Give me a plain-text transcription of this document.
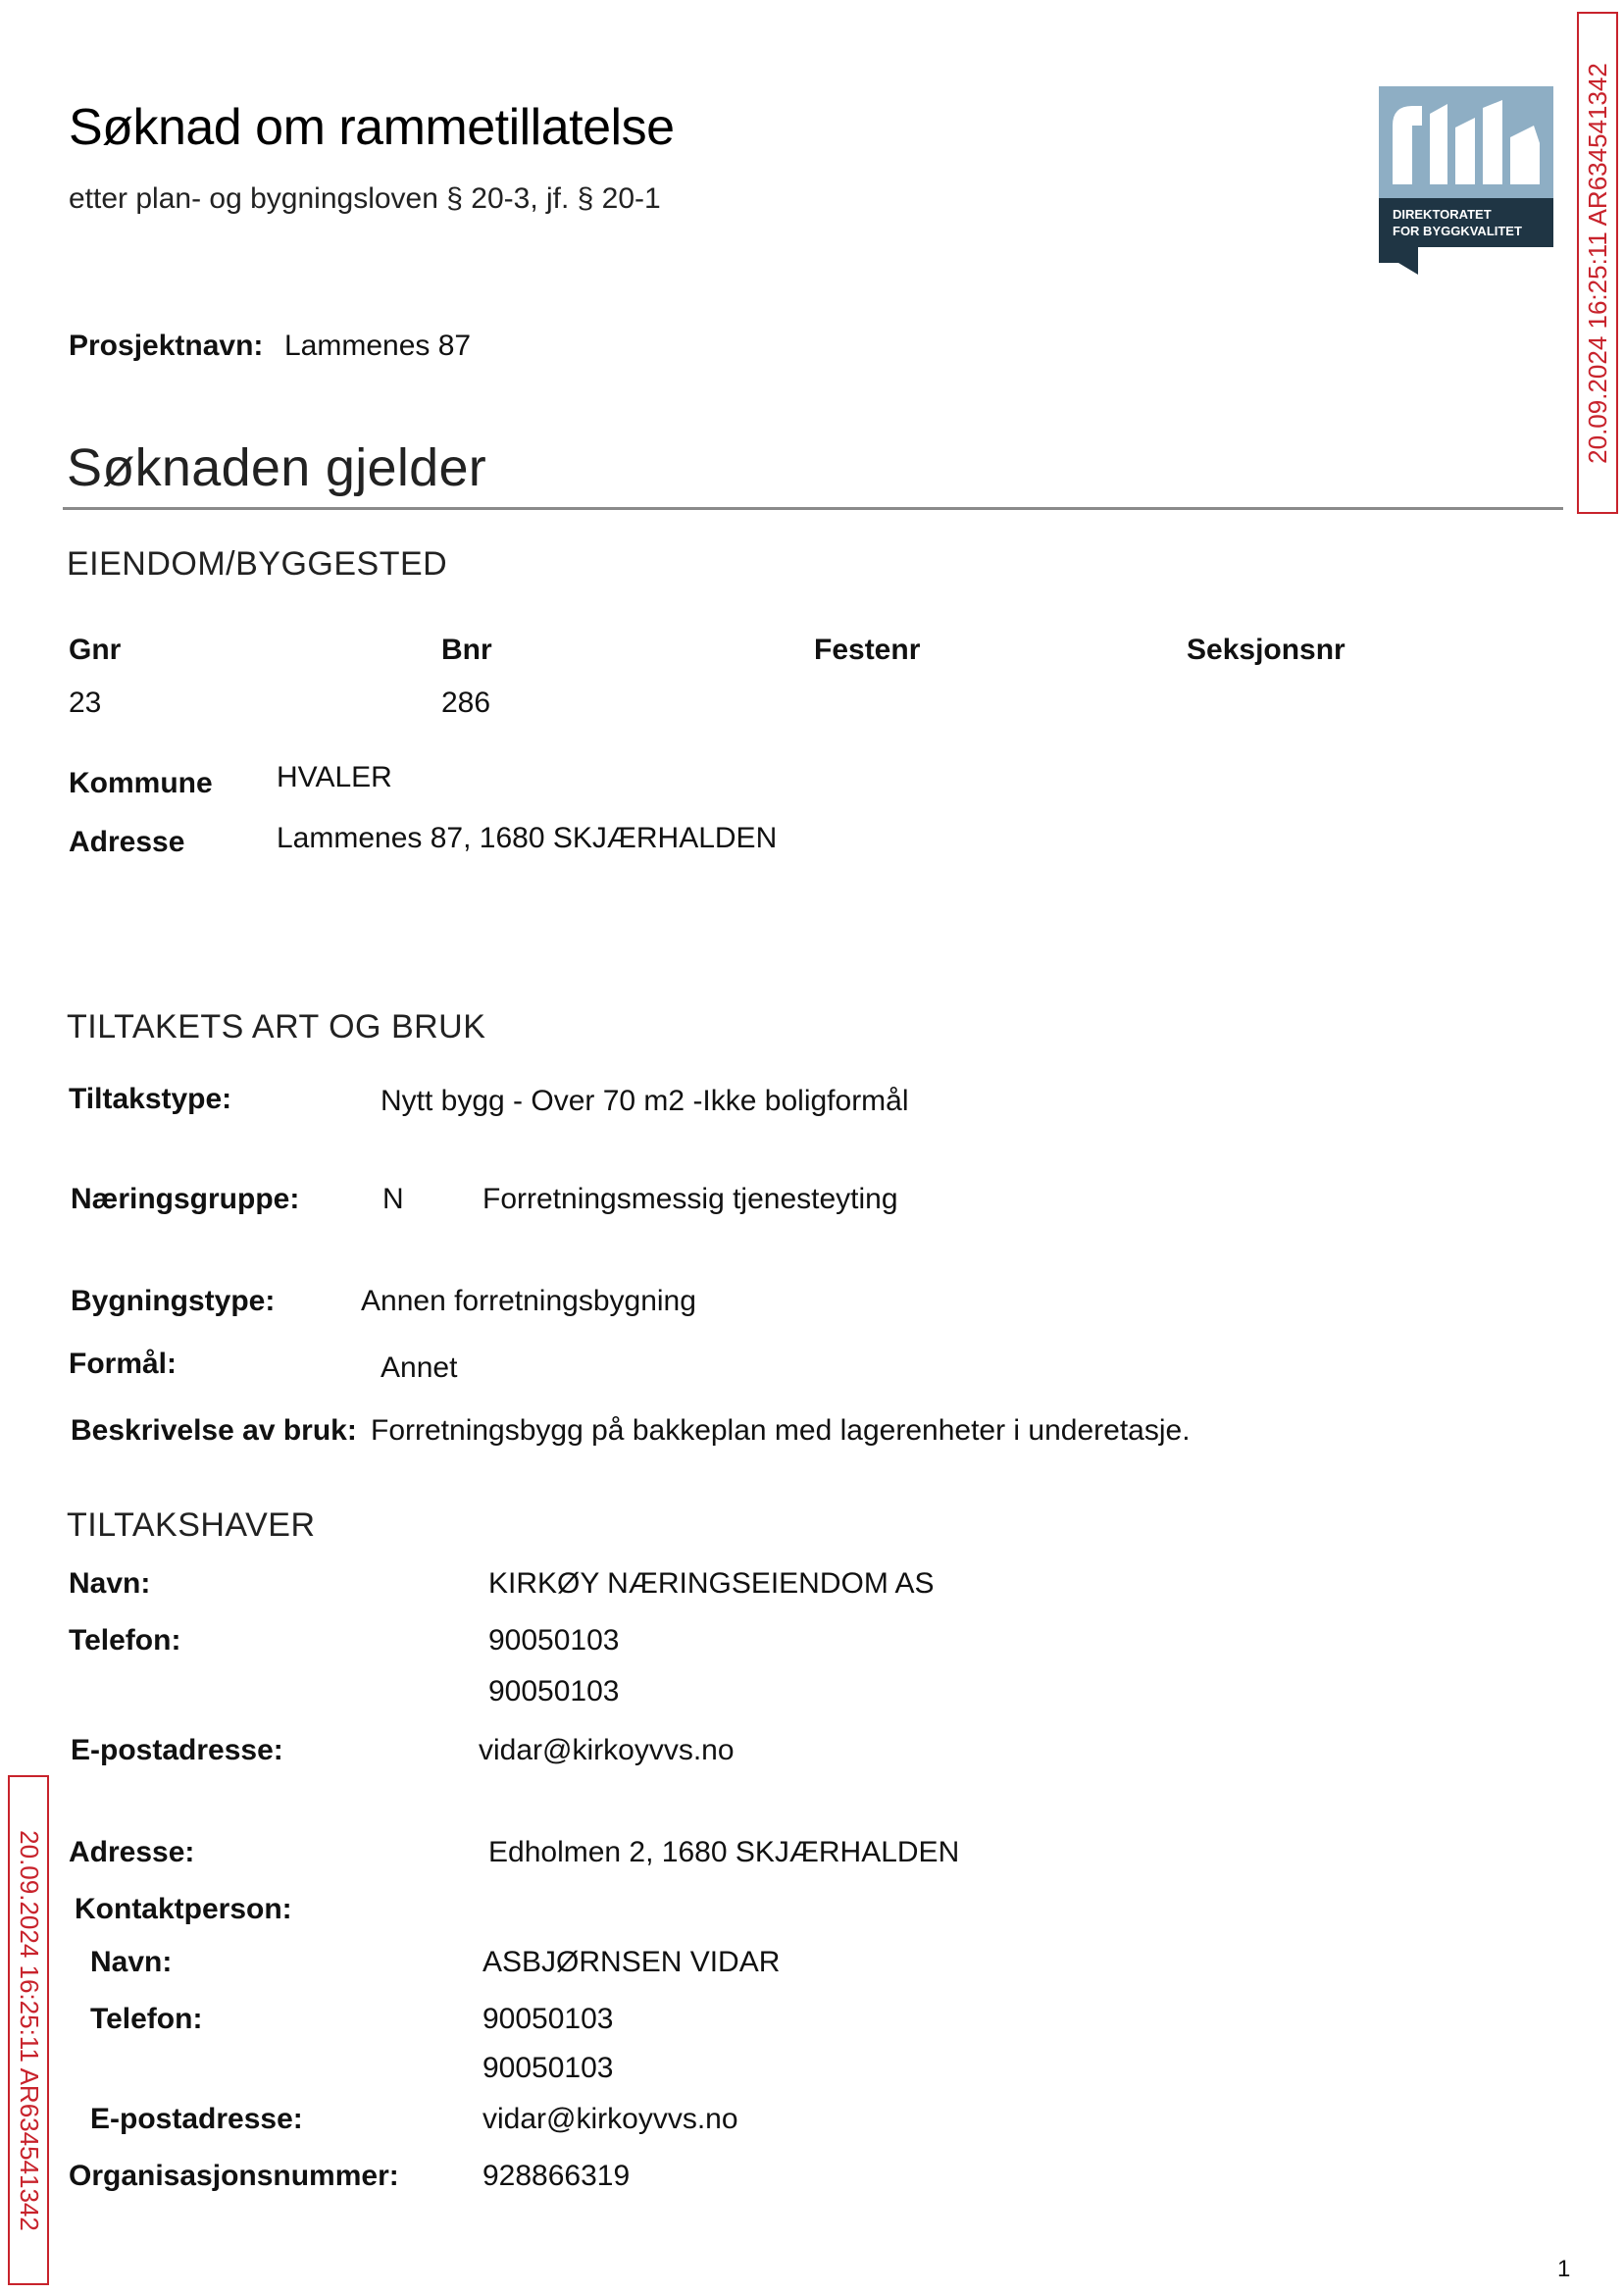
Søknad om rammetillatelse
etter plan- og bygningsloven § 20-3, jf. § 20-1	DIREKTORATET
FOR BYGGKVALITET 20.09.2024 16:25:11 AR634541342
20.09.2024 16:25:11 AR634541342
Prosjektnavn: Lammenes 87
Søknaden gjelder
EIENDOM/BYGGESTED
Gnr	Bnr	Festenr	Seksjonsnr
23	286
Kommune HVALER
Adresse	Lammenes 87, 1680 SKJÆRHALDEN
TILTAKETS ART OG BRUK
Tiltakstype:	Nytt bygg - Over 70 m2 -Ikke boligformål
Næringsgruppe:	N	Forretningsmessig tjenesteyting
Bygningstype:	Annen forretningsbygning
Formål:	Annet
Beskrivelse av bruk: Forretningsbygg på bakkeplan med lagerenheter i underetasje.
TILTAKSHAVER
Navn:	KIRKØY NÆRINGSEIENDOM AS
Telefon:	90050103
90050103
E-postadresse:	vidar@kirkoyvvs.no
Adresse:	Edholmen 2, 1680 SKJÆRHALDEN
Kontaktperson:
Navn:	ASBJØRNSEN VIDAR
Telefon:	90050103
90050103
E-postadresse:	vidar@kirkoyvvs.no
Organisasjonsnummer:	928866319
1
